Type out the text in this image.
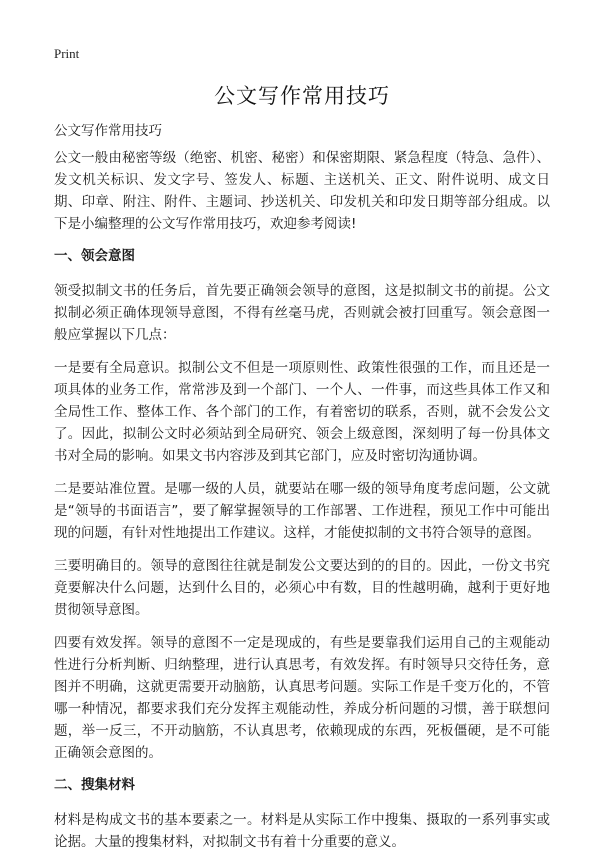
Print
公文写作常用技巧

公文写作常用技巧

公文一般由秘密等级（绝密、机密、秘密）和保密期限、紧急程度（特急、急件）、发文机关标识、发文字号、签发人、标题、主送机关、正文、附件说明、成文日期、印章、附注、附件、主题词、抄送机关、印发机关和印发日期等部分组成。以下是小编整理的公文写作常用技巧，欢迎参考阅读!

一、领会意图

领受拟制文书的任务后，首先要正确领会领导的意图，这是拟制文书的前提。公文拟制必须正确体现领导意图，不得有丝毫马虎，否则就会被打回重写。领会意图一般应掌握以下几点：

一是要有全局意识。拟制公文不但是一项原则性、政策性很强的工作，而且还是一项具体的业务工作，常常涉及到一个部门、一个人、一件事，而这些具体工作又和全局性工作、整体工作、各个部门的工作，有着密切的联系，否则，就不会发公文了。因此，拟制公文时必须站到全局研究、领会上级意图，深刻明了每一份具体文书对全局的影响。如果文书内容涉及到其它部门，应及时密切沟通协调。

二是要站准位置。是哪一级的人员，就要站在哪一级的领导角度考虑问题，公文就是“领导的书面语言”，要了解掌握领导的工作部署、工作进程，预见工作中可能出现的问题，有针对性地提出工作建议。这样，才能使拟制的文书符合领导的意图。

三要明确目的。领导的意图往往就是制发公文要达到的的目的。因此，一份文书究竟要解决什么问题，达到什么目的，必须心中有数，目的性越明确，越利于更好地贯彻领导意图。

四要有效发挥。领导的意图不一定是现成的，有些是要靠我们运用自己的主观能动性进行分析判断、归纳整理，进行认真思考，有效发挥。有时领导只交待任务，意图并不明确，这就更需要开动脑筋，认真思考问题。实际工作是千变万化的，不管哪一种情况，都要求我们充分发挥主观能动性，养成分析问题的习惯，善于联想问题，举一反三，不开动脑筋，不认真思考，依赖现成的东西，死板僵硬，是不可能正确领会意图的。

二、搜集材料

材料是构成文书的基本要素之一。材料是从实际工作中搜集、摄取的一系列事实或论据。大量的搜集材料，对拟制文书有着十分重要的意义。
